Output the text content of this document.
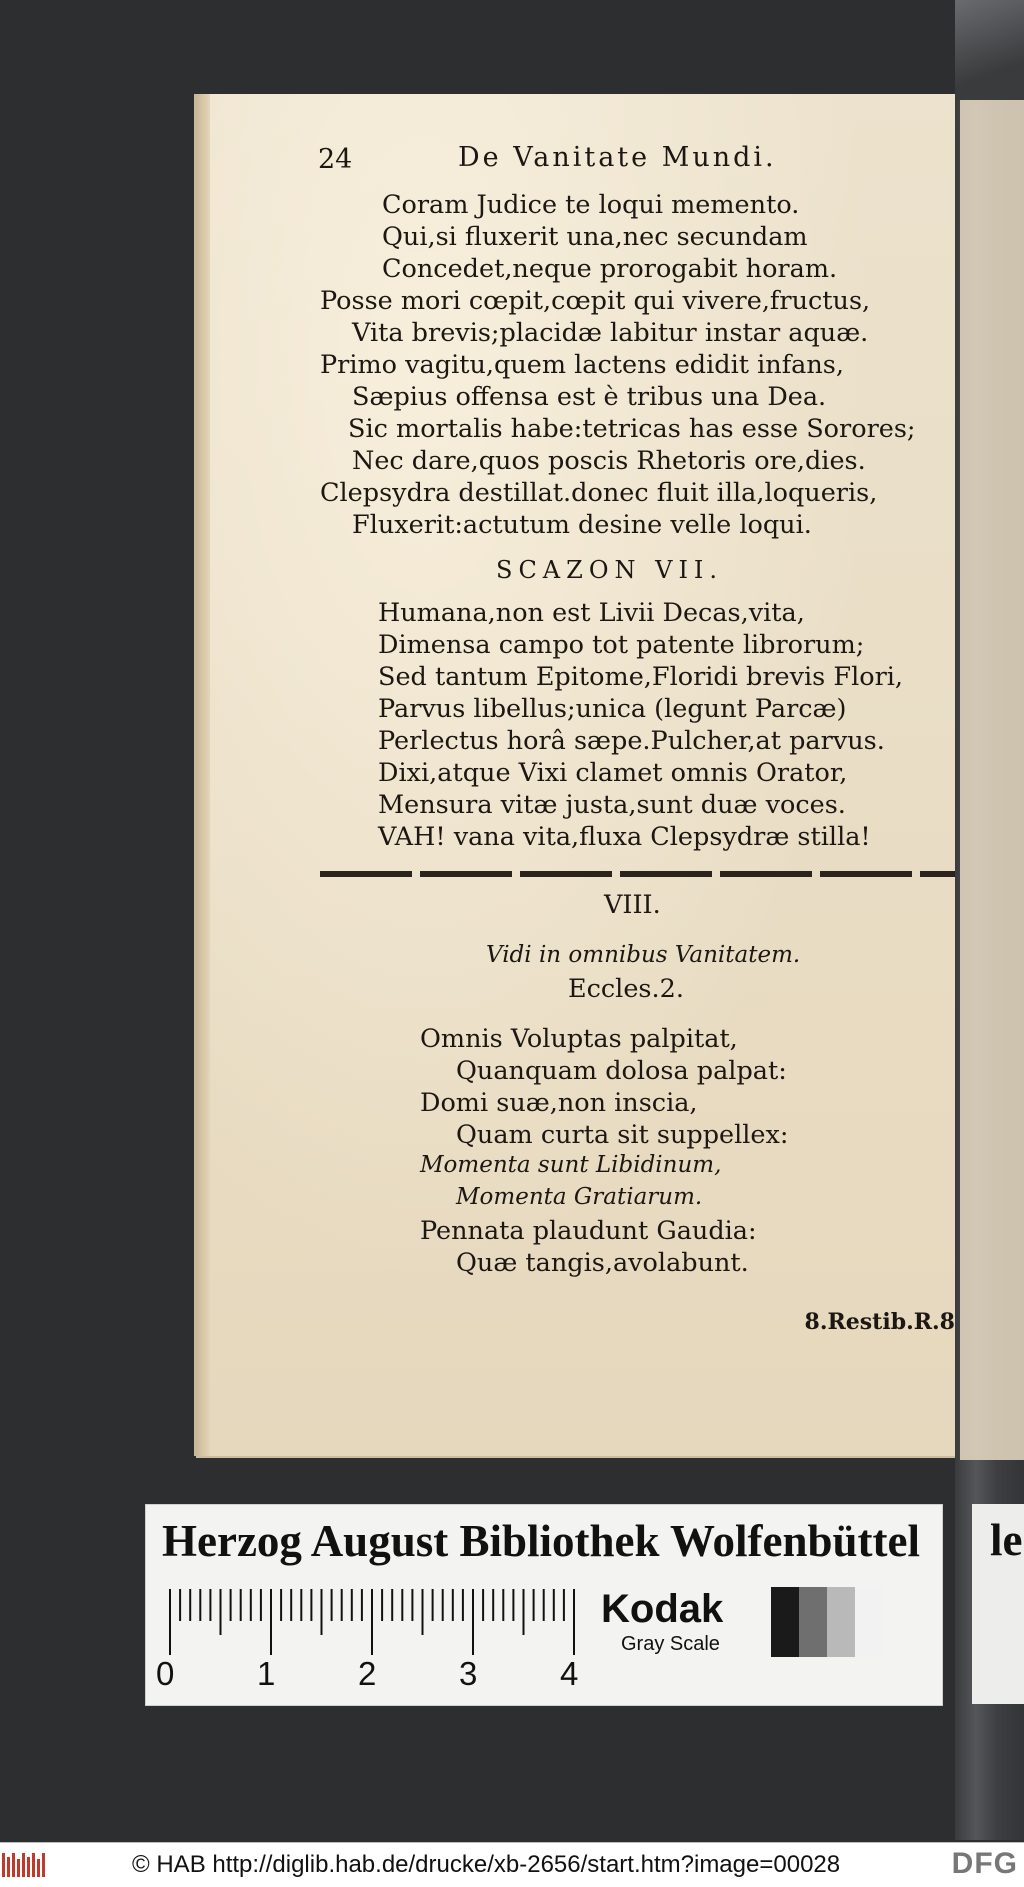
24	De Vanitate Mundi.
Coram Judice te loqui memento.
Qui,si fluxerit una,nec secundam
Concedet,neque prorogabit horam.
Posse mori cœpit,cœpit qui vivere,fructus,
Vita brevis;placidæ labitur instar aquæ.
Primo vagitu,quem lactens edidit infans,
Sæpius offensa est è tribus una Dea.
Sic mortalis habe:tetricas has esse Sorores;
Nec dare,quos poscis Rhetoris ore,dies.
Clepsydra destillat.donec fluit illa,loqueris,
Fluxerit:actutum desine velle loqui.
SCAZON VII.
Humana,non est Livii Decas,vita,
Dimensa campo tot patente librorum;
Sed tantum Epitome,Floridi brevis Flori,
Parvus libellus;unica (legunt Parcæ)
Perlectus horâ sæpe.Pulcher,at parvus.
Dixi,atque Vixi clamet omnis Orator,
Mensura vitæ justa,sunt duæ voces.
VAH! vana vita,fluxa Clepsydræ stilla!
VIII.
Vidi in omnibus Vanitatem.
Eccles.2.
Omnis Voluptas palpitat,
Quanquam dolosa palpat:
Domi suæ,non inscia,
Quam curta sit suppellex:
Momenta sunt Libidinum,
Momenta Gratiarum.
Pennata plaudunt Gaudia:
Quæ tangis,avolabunt.
8.Restib.R.8
Herzog August Bibliothek Wolfenbüttel
0	1	2	3	4
Kodak
Gray Scale
le
© HAB http://diglib.hab.de/drucke/xb-2656/start.htm?image=00028	DFG
